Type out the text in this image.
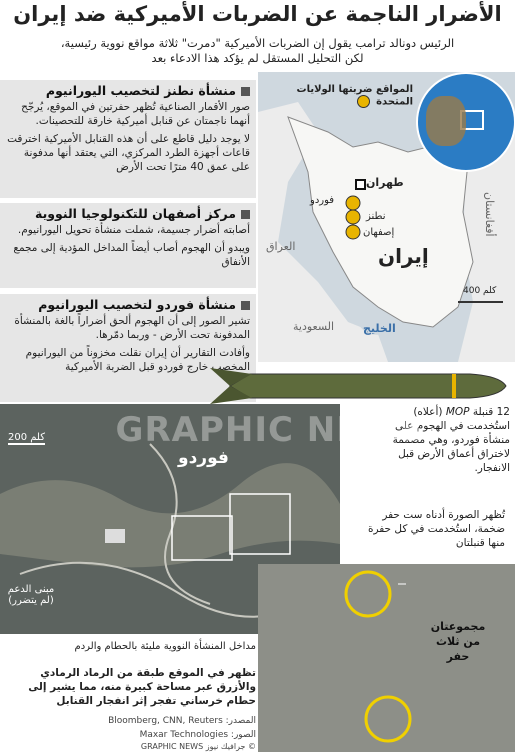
الأضرار الناجمة عن الضربات الأميركية ضد إيران
الرئيس دونالد ترامب يقول إن الضربات الأميركية "دمرت" ثلاثة مواقع نووية رئيسية،
لكن التحليل المستقل لم يؤكد هذا الادعاء بعد
منشأة نطنز لتخصيب اليورانيوم
صور الأقمار الصناعية تُظهر حفرتين في الموقع، يُرجّح أنهما ناجمتان عن قنابل أميركية خارقة للتحصينات.
لا يوجد دليل قاطع على أن هذه القنابل الأميركية اخترقت قاعات أجهزة الطرد المركزي، التي يعتقد أنها مدفونة على عمق 40 مترًا تحت الأرض
مركز أصفهان للتكنولوجيا النووية
أصابته أضرار جسيمة، شملت منشأة تحويل اليورانيوم.
ويبدو أن الهجوم أصاب أيضاً المداخل المؤدية إلى مجمع الأنفاق
منشأة فوردو لتخصيب اليورانيوم
تشير الصور إلى أن الهجوم ألحق أضراراً بالغة بالمنشأة المدفونة تحت الأرض - وربما دمّرها.
وأفادت التقارير أن إيران نقلت مخزوناً من اليورانيوم المخصب خارج فوردو قبل الضربة الأميركية
المواقع ضربتها الولايات المتحدة
طهران
فوردو
نطنز
إصفهان
إيران
العراق
السعودية
أفغانستان
الخليج
400 كلم
12 قنبلة MOP (أعلاه) استُخدمت في الهجوم على منشأة فوردو، وهي مصممة لاختراق أعماق الأرض قبل الانفجار.
200 كلم
فوردو
مبنى الدعم
(لم يتضرر)
تُظهر الصورة أدناه ست حفر ضخمة، استُخدمت في كل حفرة منها قنبلتان
مجموعتان من ثلاث حفر
مداخل المنشأة النووية مليئة بالحطام والردم
تظهر في الموقع طبقة من الرماد الرمادي والأزرق عبر مساحة كبيرة منه، مما يشير إلى حطام خرساني تفجر إثر انفجار القنابل
المصدر: Bloomberg, CNN, Reuters
الصور: Maxar Technologies
© جرافيك نيوز GRAPHIC NEWS
GRAPHIC NEWS
